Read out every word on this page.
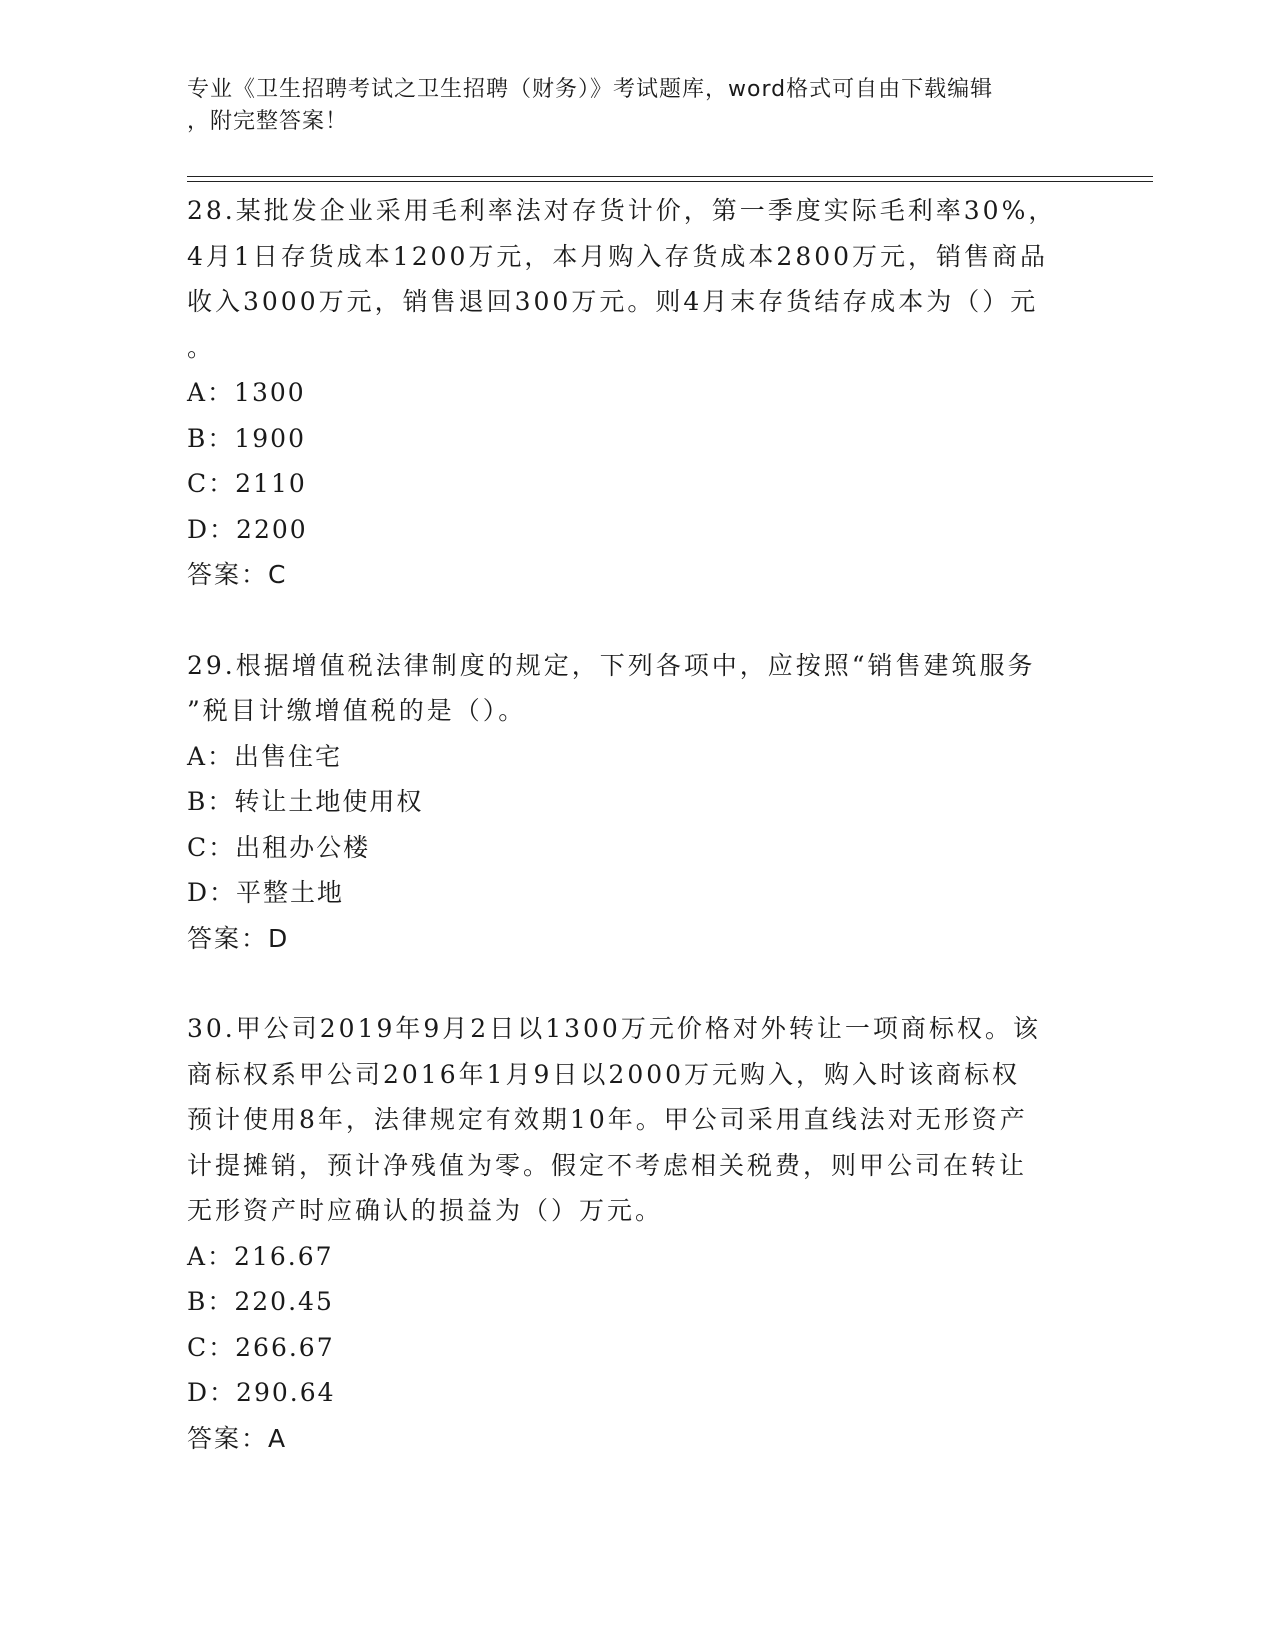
专业《卫生招聘考试之卫生招聘（财务）》考试题库，word格式可自由下载编辑
，附完整答案！

28.某批发企业采用毛利率法对存货计价，第一季度实际毛利率30%，

4月1日存货成本1200万元，本月购入存货成本2800万元，销售商品

收入3000万元，销售退回300万元。则4月末存货结存成本为（）元

。

A：1300

B：1900

C：2110

D：2200

答案：C

29.根据增值税法律制度的规定，下列各项中，应按照“销售建筑服务

”税目计缴增值税的是（）。

A：出售住宅

B：转让土地使用权

C：出租办公楼

D：平整土地

答案：D

30.甲公司2019年9月2日以1300万元价格对外转让一项商标权。该

商标权系甲公司2016年1月9日以2000万元购入，购入时该商标权

预计使用8年，法律规定有效期10年。甲公司采用直线法对无形资产

计提摊销，预计净残值为零。假定不考虑相关税费，则甲公司在转让

无形资产时应确认的损益为（）万元。

A：216.67

B：220.45

C：266.67

D：290.64

答案：A
